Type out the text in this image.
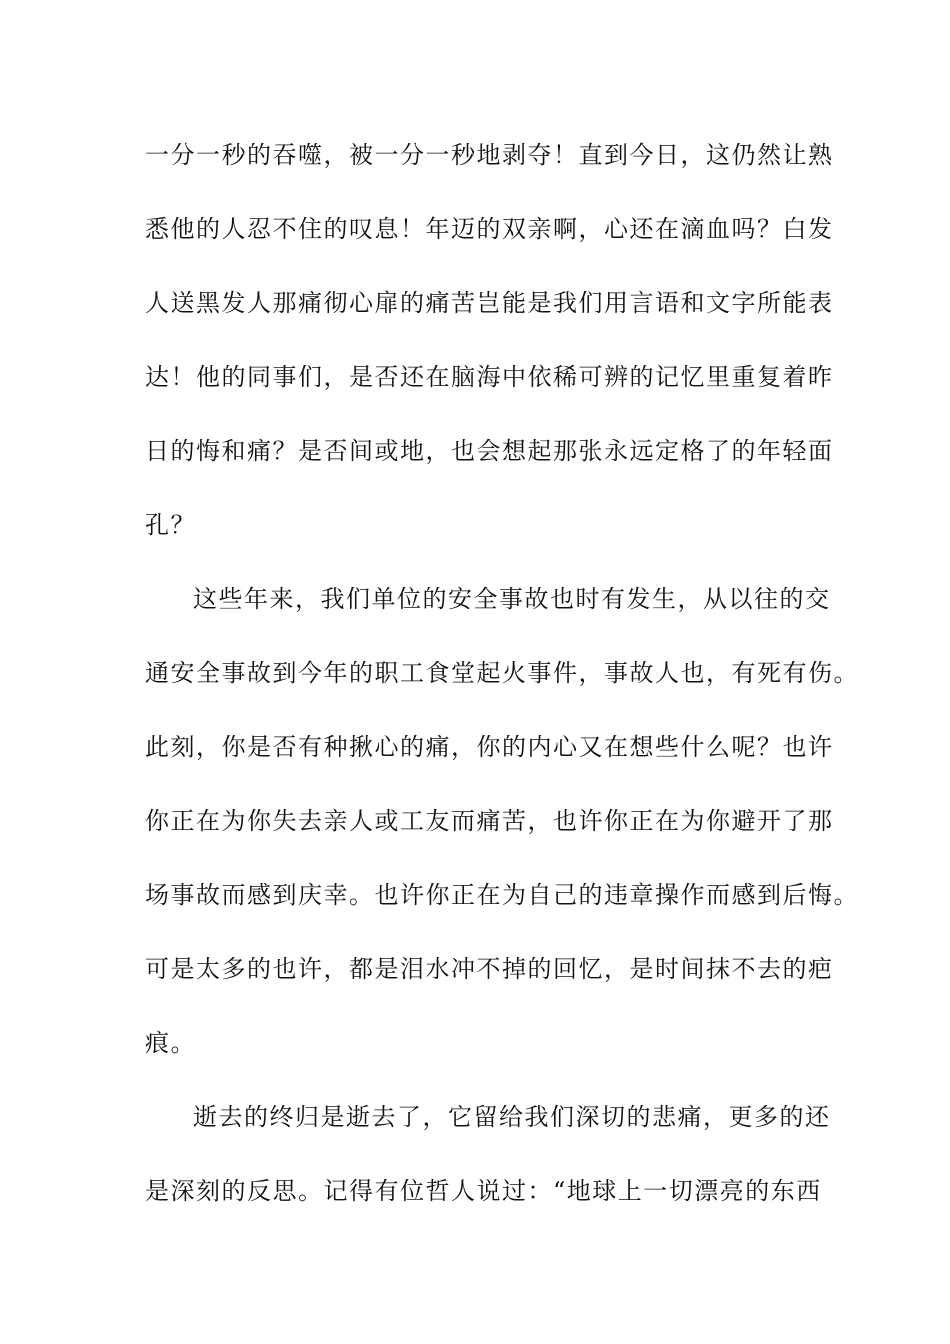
一分一秒的吞噬，被一分一秒地剥夺！直到今日，这仍然让熟
悉他的人忍不住的叹息！年迈的双亲啊，心还在滴血吗？白发
人送黑发人那痛彻心扉的痛苦岂能是我们用言语和文字所能表
达！他的同事们，是否还在脑海中依稀可辨的记忆里重复着昨
日的悔和痛？是否间或地，也会想起那张永远定格了的年轻面
孔？
这些年来，我们单位的安全事故也时有发生，从以往的交
通安全事故到今年的职工食堂起火事件，事故人也，有死有伤。
此刻，你是否有种揪心的痛，你的内心又在想些什么呢？也许
你正在为你失去亲人或工友而痛苦，也许你正在为你避开了那
场事故而感到庆幸。也许你正在为自己的违章操作而感到后悔。
可是太多的也许，都是泪水冲不掉的回忆，是时间抹不去的疤
痕。
逝去的终归是逝去了，它留给我们深切的悲痛，更多的还
是深刻的反思。记得有位哲人说过：“地球上一切漂亮的东西
